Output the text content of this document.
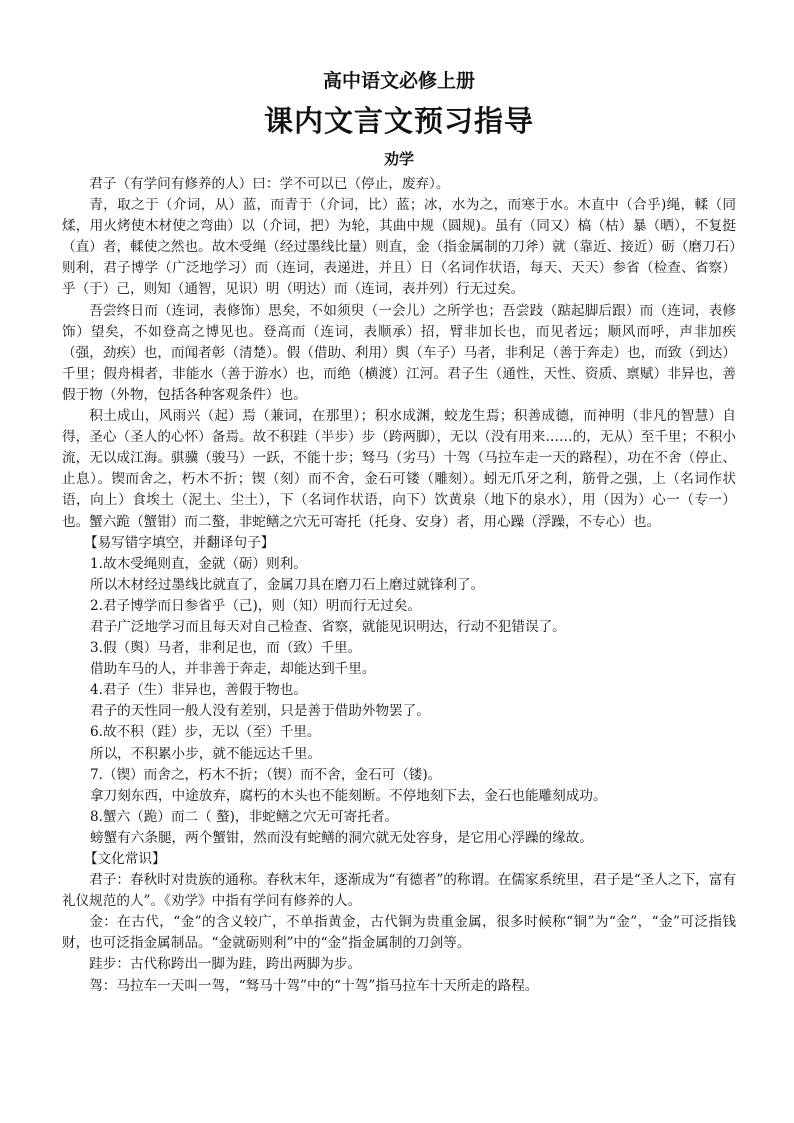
高中语文必修上册
课内文言文预习指导
劝学

君子（有学问有修养的人）曰：学不可以已（停止，废弃）。

青，取之于（介词，从）蓝，而青于（介词，比）蓝；冰，水为之，而寒于水。木直中（合乎)绳，輮（同煣，用火烤使木材使之弯曲）以（介词，把）为轮，其曲中规（圆规)。虽有（同又）槁（枯）暴（晒），不复挺（直）者，輮使之然也。故木受绳（经过墨线比量）则直，金（指金属制的刀斧）就（靠近、接近）砺（磨刀石）则利，君子博学（广泛地学习）而（连词，表递进，并且）日（名词作状语，每天、天天）参省（检查、省察）乎（于）己，则知（通智，见识）明（明达）而（连词，表并列）行无过矣。

吾尝终日而（连词，表修饰）思矣，不如须臾（一会儿）之所学也；吾尝跂（踮起脚后跟）而（连词，表修饰）望矣，不如登高之博见也。登高而（连词，表顺承）招，臂非加长也，而见者远；顺风而呼，声非加疾（强，劲疾）也，而闻者彰（清楚）。假（借助、利用）舆（车子）马者，非利足（善于奔走）也，而致（到达）千里；假舟楫者，非能水（善于游水）也，而绝（横渡）江河。君子生（通性，天性、资质、禀赋）非异也，善假于物（外物，包括各种客观条件）也。

积土成山，风雨兴（起）焉（兼词，在那里）；积水成渊，蛟龙生焉；积善成德，而神明（非凡的智慧）自得，圣心（圣人的心怀）备焉。故不积跬（半步）步（跨两脚），无以（没有用来……的，无从）至千里；不积小流，无以成江海。骐骥（骏马）一跃，不能十步；驽马（劣马）十驾（马拉车走一天的路程），功在不舍（停止、止息）。锲而舍之，朽木不折；锲（刻）而不舍，金石可镂（雕刻）。蚓无爪牙之利，筋骨之强，上（名词作状语，向上）食埃土（泥土、尘土），下（名词作状语，向下）饮黄泉（地下的泉水），用（因为）心一（专一）也。蟹六跪（蟹钳）而二螯，非蛇鳝之穴无可寄托（托身、安身）者，用心躁（浮躁，不专心）也。

【易写错字填空，并翻译句子】

1.故木受绳则直，金就（砺）则利。

所以木材经过墨线比就直了，金属刀具在磨刀石上磨过就锋利了。

2.君子博学而日参省乎（己)，则（知）明而行无过矣。

君子广泛地学习而且每天对自己检查、省察，就能见识明达，行动不犯错误了。

3.假（舆）马者，非利足也，而（致）千里。

借助车马的人，并非善于奔走，却能达到千里。

4.君子（生）非异也，善假于物也。

君子的天性同一般人没有差别，只是善于借助外物罢了。

6.故不积（跬）步，无以（至）千里。

所以，不积累小步，就不能远达千里。

7.（锲）而舍之，朽木不折；（锲）而不舍，金石可（镂)。

拿刀刻东西，中途放弃，腐朽的木头也不能刻断。不停地刻下去，金石也能雕刻成功。

8.蟹六（跪）而二（ 螯)，非蛇鳝之穴无可寄托者。

螃蟹有六条腿，两个蟹钳，然而没有蛇鳝的洞穴就无处容身，是它用心浮躁的缘故。

【文化常识】

君子：春秋时对贵族的通称。春秋末年，逐渐成为“有德者”的称谓。在儒家系统里，君子是“圣人之下，富有礼仪规范的人”。《劝学》中指有学问有修养的人。

金：在古代，“金”的含义较广，不单指黄金，古代铜为贵重金属，很多时候称“铜”为“金”，“金”可泛指钱财，也可泛指金属制品。“金就砺则利”中的“金”指金属制的刀剑等。

跬步：古代称跨出一脚为跬，跨出两脚为步。

驾：马拉车一天叫一驾，“驽马十驾”中的“十驾”指马拉车十天所走的路程。
